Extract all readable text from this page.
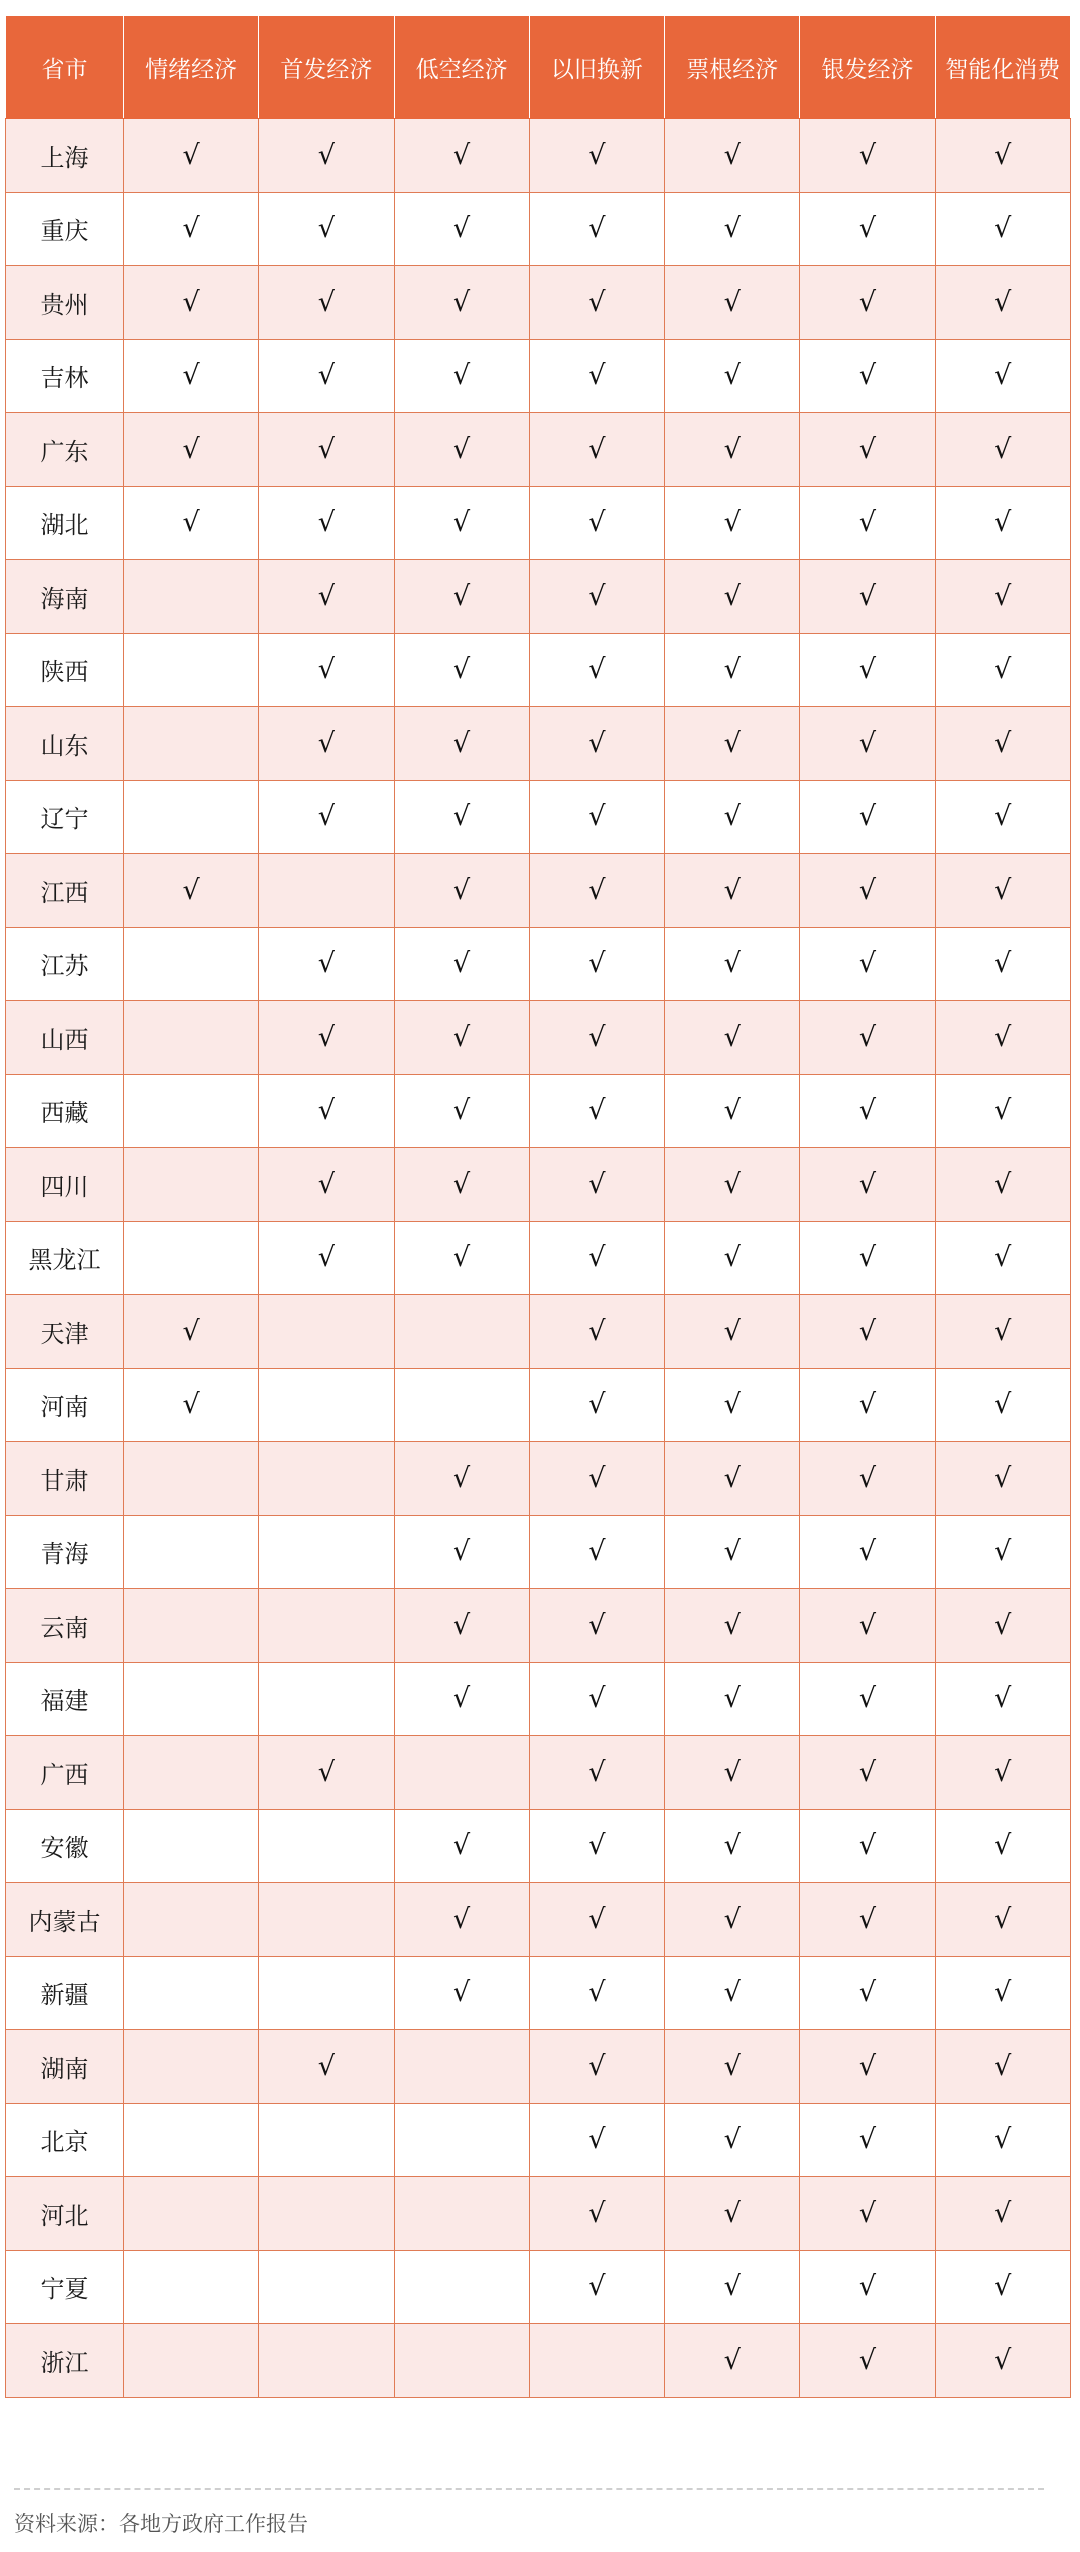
省市	情绪经济	首发经济	低空经济	以旧换新	票根经济	银发经济	智能化消费
上海	√	√	√	√	√	√	√
重庆	√	√	√	√	√	√	√
贵州	√	√	√	√	√	√	√
吉林	√	√	√	√	√	√	√
广东	√	√	√	√	√	√	√
湖北	√	√	√	√	√	√	√
海南		√	√	√	√	√	√
陕西		√	√	√	√	√	√
山东		√	√	√	√	√	√
辽宁		√	√	√	√	√	√
江西	√		√	√	√	√	√
江苏		√	√	√	√	√	√
山西		√	√	√	√	√	√
西藏		√	√	√	√	√	√
四川		√	√	√	√	√	√
黑龙江		√	√	√	√	√	√
天津	√			√	√	√	√
河南	√			√	√	√	√
甘肃			√	√	√	√	√
青海			√	√	√	√	√
云南			√	√	√	√	√
福建			√	√	√	√	√
广西		√		√	√	√	√
安徽			√	√	√	√	√
内蒙古			√	√	√	√	√
新疆			√	√	√	√	√
湖南		√		√	√	√	√
北京				√	√	√	√
河北				√	√	√	√
宁夏				√	√	√	√
浙江					√	√	√
资料来源：各地方政府工作报告
